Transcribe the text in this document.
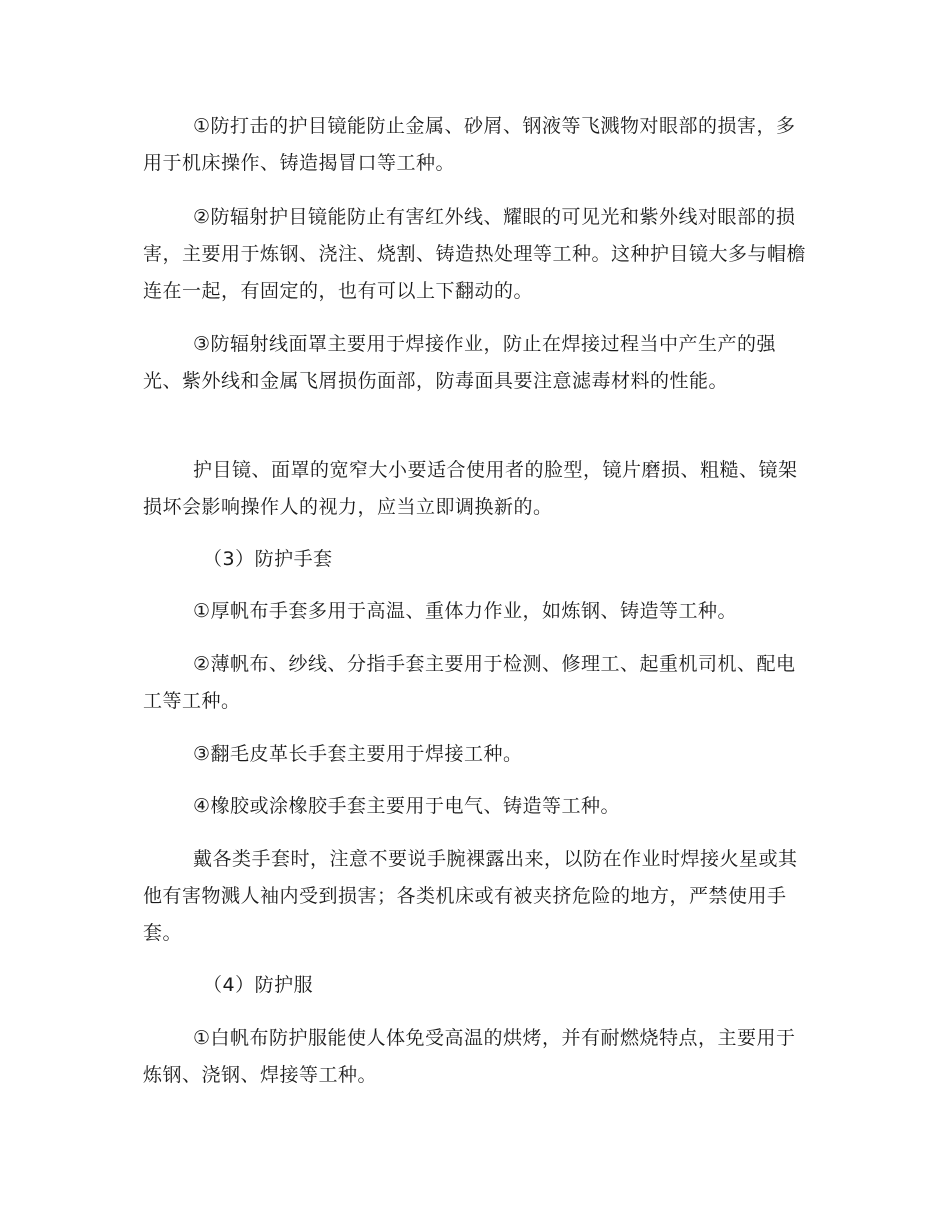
①防打击的护目镜能防止金属、砂屑、钢液等飞溅物对眼部的损害，多用于机床操作、铸造揭冒口等工种。

②防辐射护目镜能防止有害红外线、耀眼的可见光和紫外线对眼部的损害，主要用于炼钢、浇注、烧割、铸造热处理等工种。这种护目镜大多与帽檐连在一起，有固定的，也有可以上下翻动的。

③防辐射线面罩主要用于焊接作业，防止在焊接过程当中产生产的强光、紫外线和金属飞屑损伤面部，防毒面具要注意滤毒材料的性能。

护目镜、面罩的宽窄大小要适合使用者的脸型，镜片磨损、粗糙、镜架损坏会影响操作人的视力，应当立即调换新的。

（3）防护手套

①厚帆布手套多用于高温、重体力作业，如炼钢、铸造等工种。

②薄帆布、纱线、分指手套主要用于检测、修理工、起重机司机、配电工等工种。

③翻毛皮革长手套主要用于焊接工种。

④橡胶或涂橡胶手套主要用于电气、铸造等工种。

戴各类手套时，注意不要说手腕裸露出来，以防在作业时焊接火星或其他有害物溅人袖内受到损害；各类机床或有被夹挤危险的地方，严禁使用手套。

（4）防护服

①白帆布防护服能使人体免受高温的烘烤，并有耐燃烧特点，主要用于炼钢、浇钢、焊接等工种。
